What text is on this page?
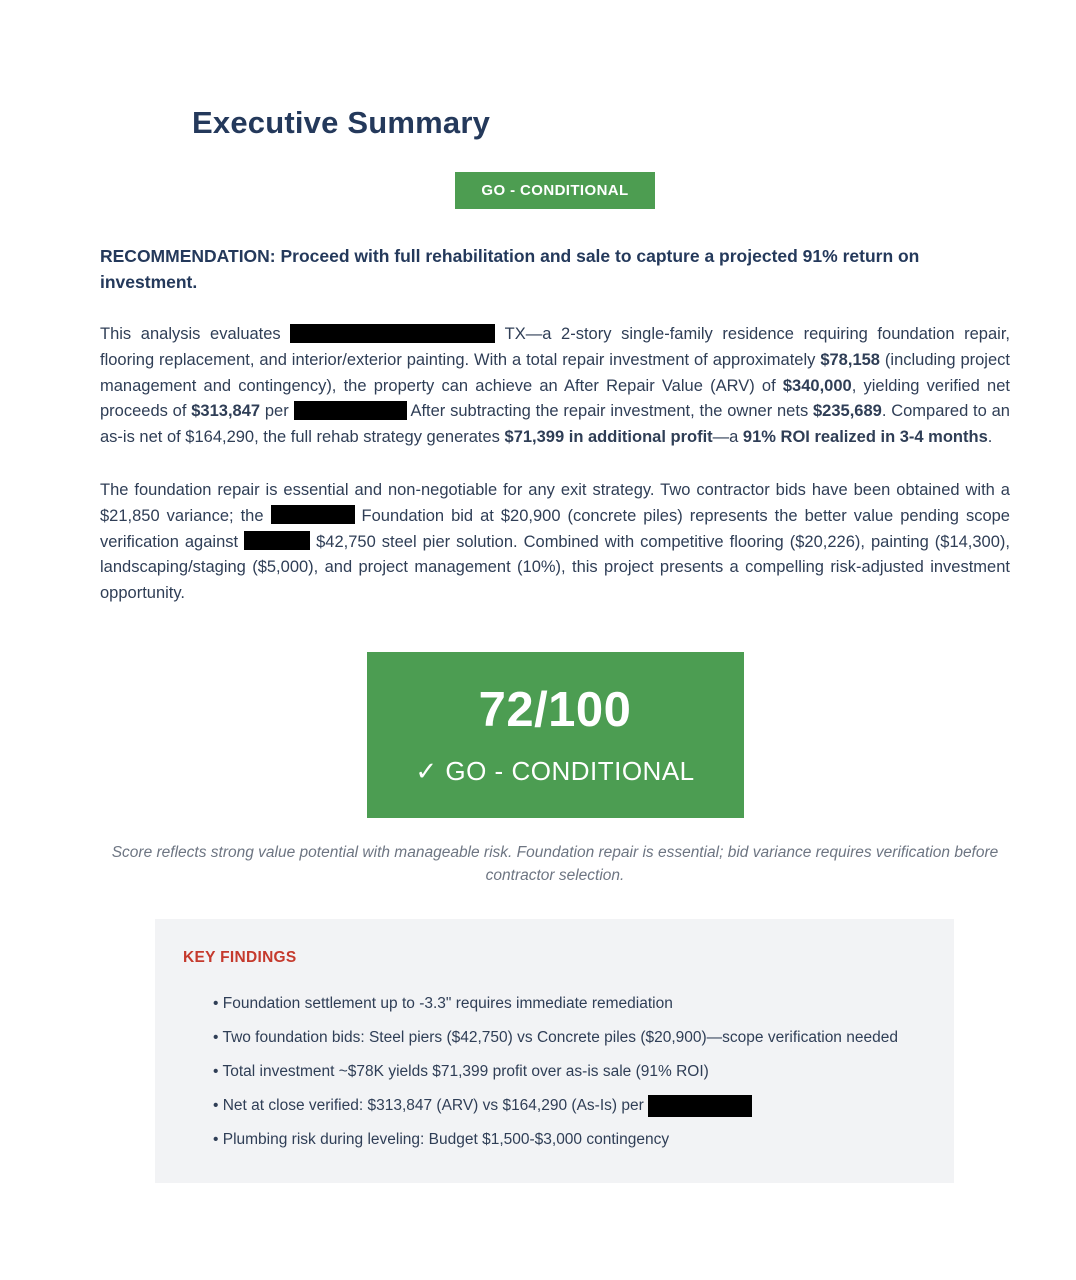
Executive Summary
GO - CONDITIONAL

RECOMMENDATION: Proceed with full rehabilitation and sale to capture a projected 91% return on investment.

This analysis evaluates	TX—a 2-story single-family residence requiring foundation repair, flooring replacement, and interior/exterior painting. With a total repair investment of approximately $78,158 (including project management and contingency), the property can achieve an After Repair Value (ARV) of $340,000, yielding verified net proceeds of $313,847 per	After subtracting the repair investment, the owner nets $235,689. Compared to an as-is net of $164,290, the full rehab strategy generates $71,399 in additional profit—a 91% ROI realized in 3-4 months.

The foundation repair is essential and non-negotiable for any exit strategy. Two contractor bids have been obtained with a $21,850 variance; the	Foundation bid at $20,900 (concrete piles) represents the better value pending scope verification against	$42,750 steel pier solution. Combined with competitive flooring ($20,226), painting ($14,300), landscaping/staging ($5,000), and project management (10%), this project presents a compelling risk-adjusted investment opportunity.

72/100
✓ GO - CONDITIONAL

Score reflects strong value potential with manageable risk. Foundation repair is essential; bid variance requires verification before contractor selection.

KEY FINDINGS
• Foundation settlement up to -3.3" requires immediate remediation
• Two foundation bids: Steel piers ($42,750) vs Concrete piles ($20,900)—scope verification needed
• Total investment ~$78K yields $71,399 profit over as-is sale (91% ROI)
• Net at close verified: $313,847 (ARV) vs $164,290 (As-Is) per
• Plumbing risk during leveling: Budget $1,500-$3,000 contingency
